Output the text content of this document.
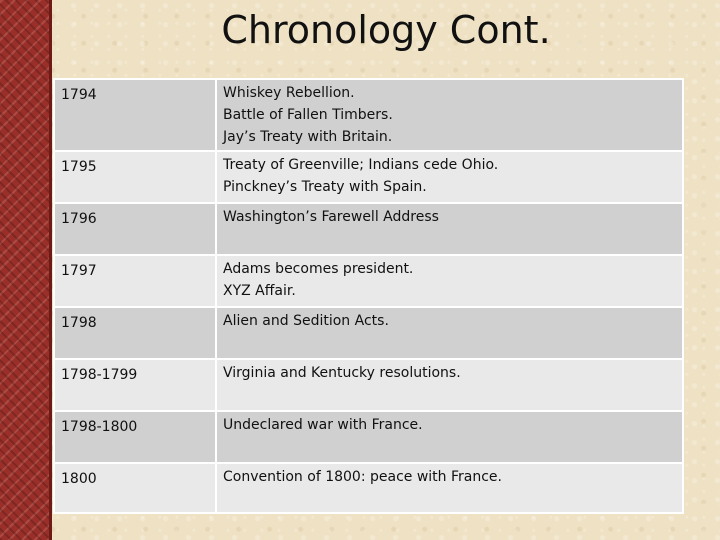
Chronology Cont.
1794	Whiskey Rebellion.
Battle of Fallen Timbers.
Jay’s Treaty with Britain.

1795	Treaty of Greenville; Indians cede Ohio.
Pinckney’s Treaty with Spain.

1796	Washington’s Farewell Address

1797	Adams becomes president.
XYZ Affair.

1798	Alien and Sedition Acts.

1798-1799	Virginia and Kentucky resolutions.

1798-1800	Undeclared war with France.

1800	Convention of 1800: peace with France.
